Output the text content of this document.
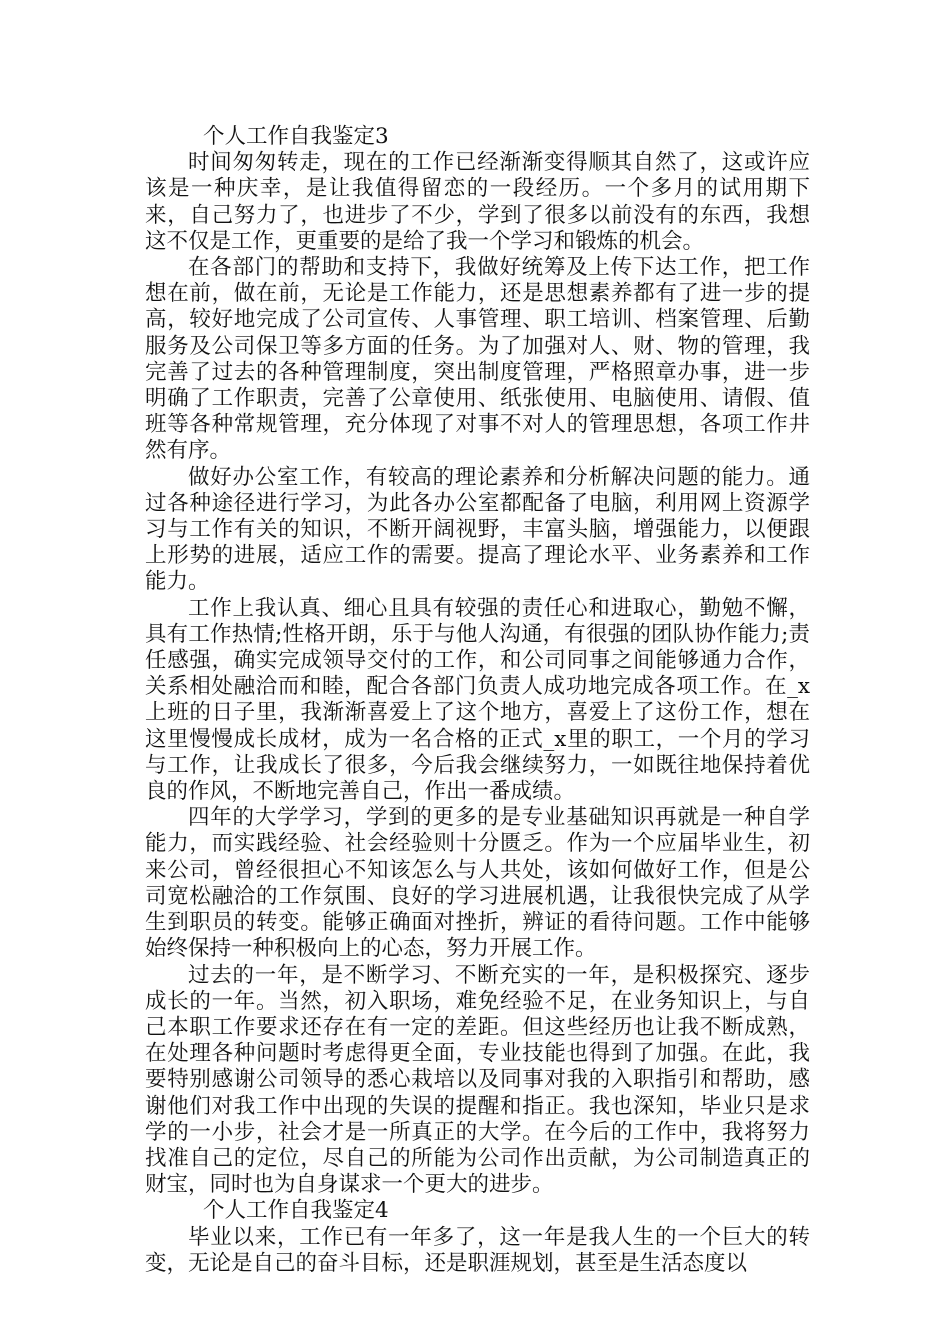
个人工作自我鉴定3

时间匆匆转走，现在的工作已经渐渐变得顺其自然了，这或许应该是一种庆幸，是让我值得留恋的一段经历。一个多月的试用期下来，自己努力了，也进步了不少，学到了很多以前没有的东西，我想这不仅是工作，更重要的是给了我一个学习和锻炼的机会。

在各部门的帮助和支持下，我做好统筹及上传下达工作，把工作想在前，做在前，无论是工作能力，还是思想素养都有了进一步的提高，较好地完成了公司宣传、人事管理、职工培训、档案管理、后勤服务及公司保卫等多方面的任务。为了加强对人、财、物的管理，我完善了过去的各种管理制度，突出制度管理，严格照章办事，进一步明确了工作职责，完善了公章使用、纸张使用、电脑使用、请假、值班等各种常规管理，充分体现了对事不对人的管理思想，各项工作井然有序。

做好办公室工作，有较高的理论素养和分析解决问题的能力。通过各种途径进行学习，为此各办公室都配备了电脑，利用网上资源学习与工作有关的知识，不断开阔视野，丰富头脑，增强能力，以便跟上形势的进展，适应工作的需要。提高了理论水平、业务素养和工作能力。

工作上我认真、细心且具有较强的责任心和进取心，勤勉不懈，具有工作热情;性格开朗，乐于与他人沟通，有很强的团队协作能力;责任感强，确实完成领导交付的工作，和公司同事之间能够通力合作，关系相处融洽而和睦，配合各部门负责人成功地完成各项工作。在_x上班的日子里，我渐渐喜爱上了这个地方，喜爱上了这份工作，想在这里慢慢成长成材，成为一名合格的正式_x里的职工，一个月的学习与工作，让我成长了很多，今后我会继续努力，一如既往地保持着优良的作风，不断地完善自己，作出一番成绩。

四年的大学学习，学到的更多的是专业基础知识再就是一种自学能力，而实践经验、社会经验则十分匮乏。作为一个应届毕业生，初来公司，曾经很担心不知该怎么与人共处，该如何做好工作，但是公司宽松融洽的工作氛围、良好的学习进展机遇，让我很快完成了从学生到职员的转变。能够正确面对挫折，辨证的看待问题。工作中能够始终保持一种积极向上的心态，努力开展工作。

过去的一年，是不断学习、不断充实的一年，是积极探究、逐步成长的一年。当然，初入职场，难免经验不足，在业务知识上，与自己本职工作要求还存在有一定的差距。但这些经历也让我不断成熟，在处理各种问题时考虑得更全面，专业技能也得到了加强。在此，我要特别感谢公司领导的悉心栽培以及同事对我的入职指引和帮助，感谢他们对我工作中出现的失误的提醒和指正。我也深知，毕业只是求学的一小步，社会才是一所真正的大学。在今后的工作中，我将努力找准自己的定位，尽自己的所能为公司作出贡献，为公司制造真正的财宝，同时也为自身谋求一个更大的进步。

个人工作自我鉴定4

毕业以来，工作已有一年多了，这一年是我人生的一个巨大的转变，无论是自己的奋斗目标，还是职涯规划，甚至是生活态度以
